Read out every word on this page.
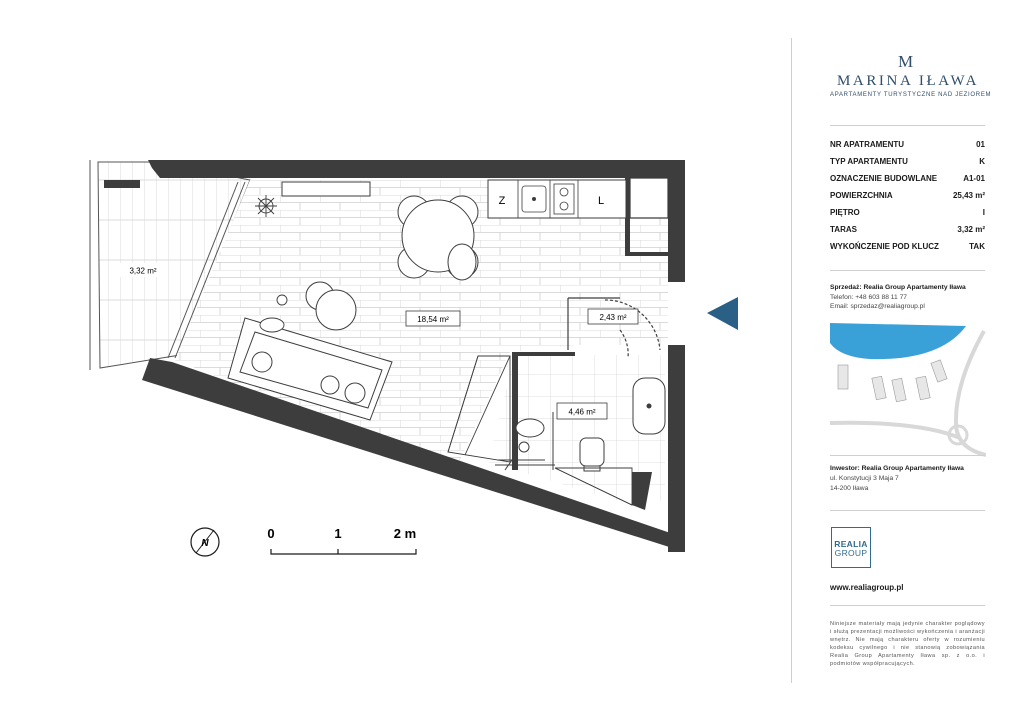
Z	L
3,32 m²
18,54 m²	2,43 m²
4,46 m²
N
0	1	2 m
Μ
MARINA IŁAWA
APARTAMENTY TURYSTYCZNE NAD JEZIOREM
NR APATRAMENTU	01
TYP APARTAMENTU	K
OZNACZENIE BUDOWLANE	A1-01
POWIERZCHNIA	25,43 m²
PIĘTRO	I
TARAS	3,32 m²
WYKOŃCZENIE POD KLUCZ	TAK
Sprzedaż: Realia Group Apartamenty Iława
Telefon: +48 603 88 11 77
Email: sprzedaz@realiagroup.pl
Inwestor: Realia Group Apartamenty Iława
ul. Konstytucji 3 Maja 7
14-200 Iława
REALIA
GROUP
www.realiagroup.pl
Niniejsze materiały mają jedynie charakter poglądowy i służą prezentacji możliwości wykończenia i aranżacji wnętrz. Nie mają charakteru oferty w rozumieniu kodeksu cywilnego i nie stanowią zobowiązania Realia Group Apartamenty Iława sp. z o.o. i podmiotów współpracujących.
